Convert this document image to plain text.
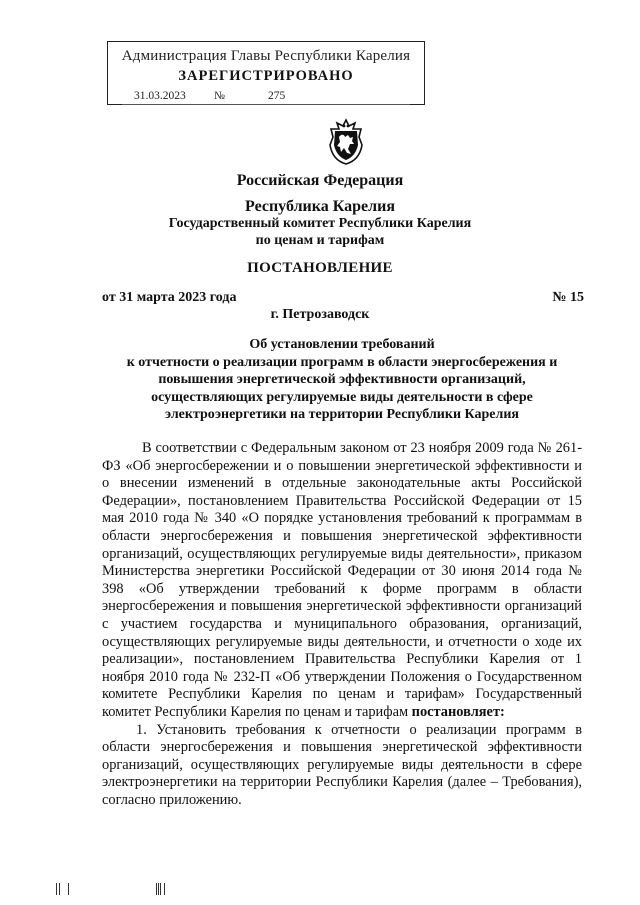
Администрация Главы Республики Карелия
ЗАРЕГИСТРИРОВАНО
31.03.2023 №	275
Российская Федерация
Республика Карелия
Государственный комитет Республики Карелия
по ценам и тарифам
ПОСТАНОВЛЕНИЕ
от 31 марта 2023 года	№ 15
г. Петрозаводск
Об установлении требований
к отчетности о реализации программ в области энергосбережения и
повышения энергетической эффективности организаций,
осуществляющих регулируемые виды деятельности в сфере
электроэнергетики на территории Республики Карелия

В соответствии с Федеральным законом от 23 ноября 2009 года № 261-ФЗ «Об энергосбережении и о повышении энергетической эффективности и о внесении изменений в отдельные законодательные акты Российской Федерации», постановлением Правительства Российской Федерации от 15 мая 2010 года № 340 «О порядке установления требований к программам в области энергосбережения и повышения энергетической эффективности организаций, осуществляющих регулируемые виды деятельности», приказом Министерства энергетики Российской Федерации от 30 июня 2014 года № 398 «Об утверждении требований к форме программ в области энергосбережения и повышения энергетической эффективности организаций с участием государства и муниципального образования, организаций, осуществляющих регулируемые виды деятельности, и отчетности о ходе их реализации», постановлением Правительства Республики Карелия от 1 ноября 2010 года № 232-П «Об утверждении Положения о Государственном комитете Республики Карелия по ценам и тарифам» Государственный комитет Республики Карелия по ценам и тарифам постановляет:

1. Установить требования к отчетности о реализации программ в области энергосбережения и повышения энергетической эффективности организаций, осуществляющих регулируемые виды деятельности в сфере электроэнергетики на территории Республики Карелия (далее – Требования), согласно приложению.
